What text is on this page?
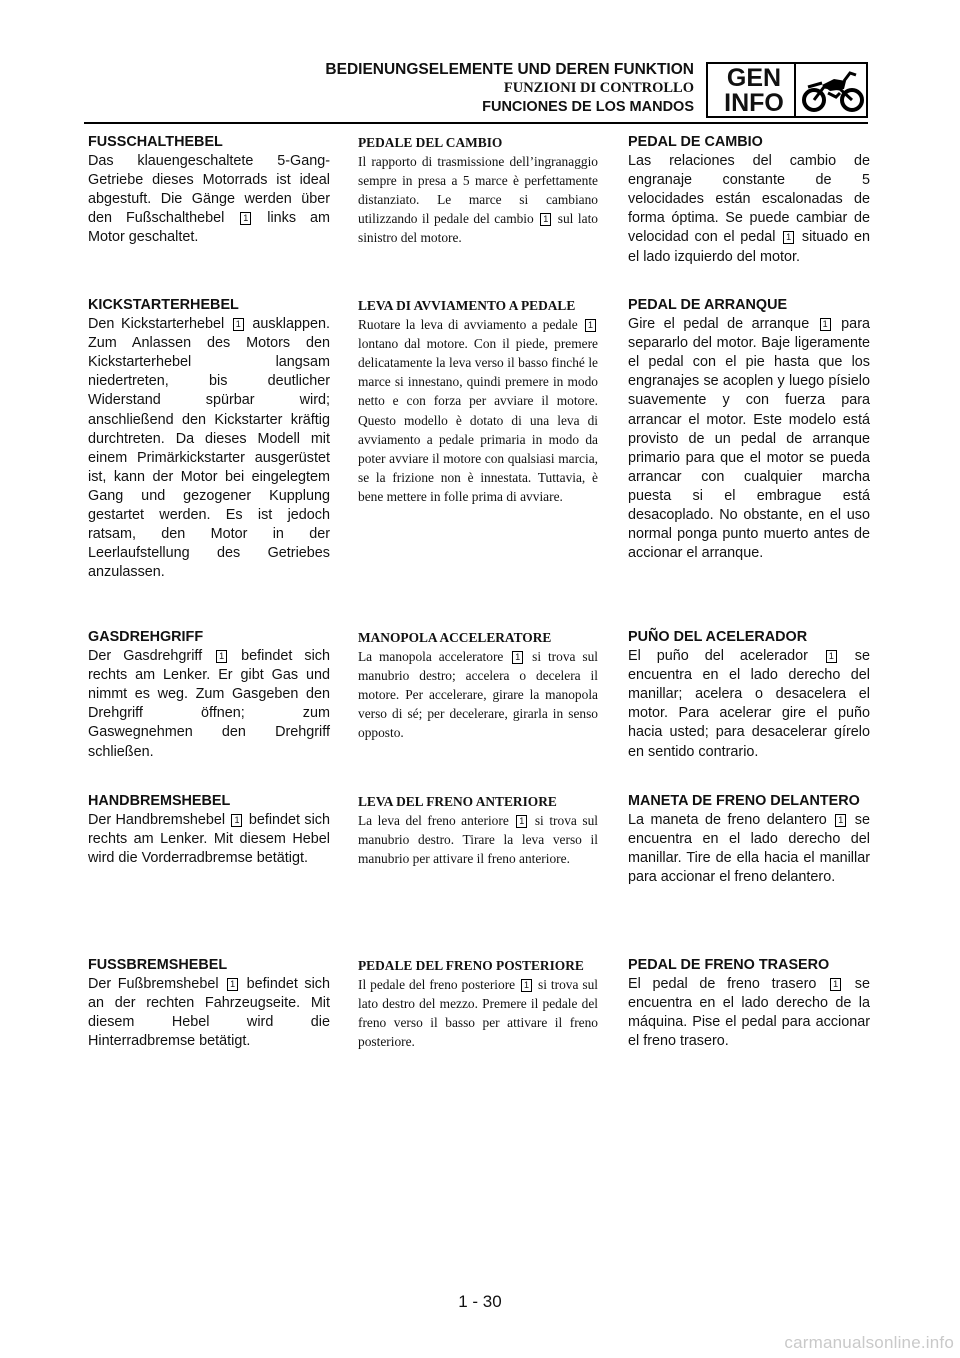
BEDIENUNGSELEMENTE UND DEREN FUNKTION
FUNZIONI DI CONTROLLO
FUNCIONES DE LOS MANDOS
GEN
INFO
FUSSCHALTHEBEL
Das klauengeschaltete 5-Gang-Getriebe dieses Motorrads ist ideal abgestuft. Die Gänge werden über den Fußschalthebel 1 links am Motor geschaltet.
KICKSTARTERHEBEL
Den Kickstarterhebel 1 ausklappen. Zum Anlassen des Motors den Kickstarterhebel langsam niedertreten, bis deutlicher Widerstand spürbar wird; anschließend den Kickstarter kräftig durchtreten. Da dieses Modell mit einem Primärkickstarter ausgerüstet ist, kann der Motor bei eingelegtem Gang und gezogener Kupplung gestartet werden. Es ist jedoch ratsam, den Motor in der Leerlaufstellung des Getriebes anzulassen.
GASDREHGRIFF
Der Gasdrehgriff 1 befindet sich rechts am Lenker. Er gibt Gas und nimmt es weg. Zum Gasgeben den Drehgriff öffnen; zum Gaswegnehmen den Drehgriff schließen.
HANDBREMSHEBEL
Der Handbremshebel 1 befindet sich rechts am Lenker. Mit diesem Hebel wird die Vorderradbremse betätigt.
FUSSBREMSHEBEL
Der Fußbremshebel 1 befindet sich an der rechten Fahrzeugseite. Mit diesem Hebel wird die Hinterradbremse betätigt.
PEDALE DEL CAMBIO
Il rapporto di trasmissione dell’ingranaggio sempre in presa a 5 marce è perfettamente distanziato. Le marce si cambiano utilizzando il pedale del cambio 1 sul lato sinistro del motore.
LEVA DI AVVIAMENTO A PEDALE
Ruotare la leva di avviamento a pedale 1 lontano dal motore. Con il piede, premere delicatamente la leva verso il basso finché le marce si innestano, quindi premere in modo netto e con forza per avviare il motore. Questo modello è dotato di una leva di avviamento a pedale primaria in modo da poter avviare il motore con qualsiasi marcia, se la frizione non è innestata. Tuttavia, è bene mettere in folle prima di avviare.
MANOPOLA ACCELERATORE
La manopola acceleratore 1 si trova sul manubrio destro; accelera o decelera il motore. Per accelerare, girare la manopola verso di sé; per decelerare, girarla in senso opposto.
LEVA DEL FRENO ANTERIORE
La leva del freno anteriore 1 si trova sul manubrio destro. Tirare la leva verso il manubrio per attivare il freno anteriore.
PEDALE DEL FRENO POSTERIORE
Il pedale del freno posteriore 1 si trova sul lato destro del mezzo. Premere il pedale del freno verso il basso per attivare il freno posteriore.
PEDAL DE CAMBIO
Las relaciones del cambio de engranaje constante de 5 velocidades están escalonadas de forma óptima. Se puede cambiar de velocidad con el pedal 1 situado en el lado izquierdo del motor.
PEDAL DE ARRANQUE
Gire el pedal de arranque 1 para separarlo del motor. Baje ligeramente el pedal con el pie hasta que los engranajes se acoplen y luego písielo suavemente y con fuerza para arrancar el motor. Este modelo está provisto de un pedal de arranque primario para que el motor se pueda arrancar con cualquier marcha puesta si el embrague está desacoplado. No obstante, en el uso normal ponga punto muerto antes de accionar el arranque.
PUÑO DEL ACELERADOR
El puño del acelerador 1 se encuentra en el lado derecho del manillar; acelera o desacelera el motor. Para acelerar gire el puño hacia usted; para desacelerar gírelo en sentido contrario.
MANETA DE FRENO DELANTERO
La maneta de freno delantero 1 se encuentra en el lado derecho del manillar. Tire de ella hacia el manillar para accionar el freno delantero.
PEDAL DE FRENO TRASERO
El pedal de freno trasero 1 se encuentra en el lado derecho de la máquina. Pise el pedal para accionar el freno trasero.
1 - 30
carmanualsonline.info
